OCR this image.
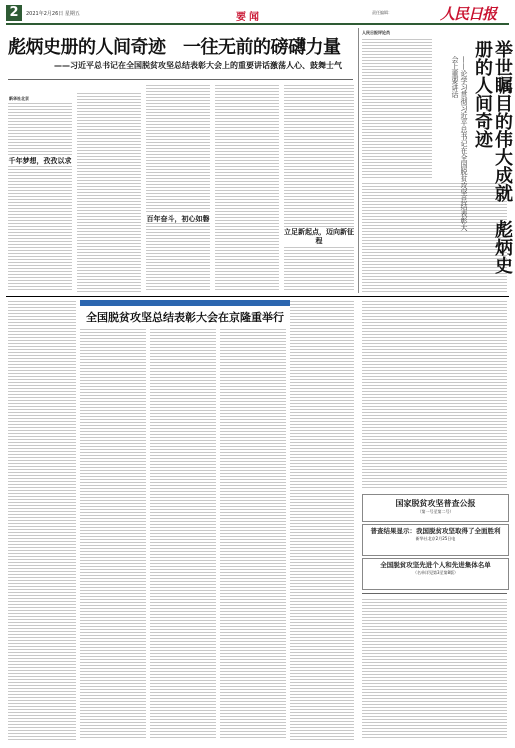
2	2021年2月26日 星期五	要闻	责任编辑：	人民日报
彪炳史册的人间奇迹　一往无前的磅礴力量
——习近平总书记在全国脱贫攻坚总结表彰大会上的重要讲话激荡人心、鼓舞士气
新华社北京
千年梦想，孜孜以求
百年奋斗，初心如磐
立足新起点，迈向新征程
人民日报评论员
举世瞩目的伟大成就　彪炳史册的人间奇迹
——论学习贯彻习近平总书记在全国脱贫攻坚总结表彰大会上重要讲话
全国脱贫攻坚总结表彰大会在京隆重举行
国家脱贫攻坚普查公报
（第一号至第二号）
普查结果显示：我国脱贫攻坚取得了全面胜利
新华社北京2月25日电
全国脱贫攻坚先进个人和先进集体名单
（名单详见第3至第8版）
